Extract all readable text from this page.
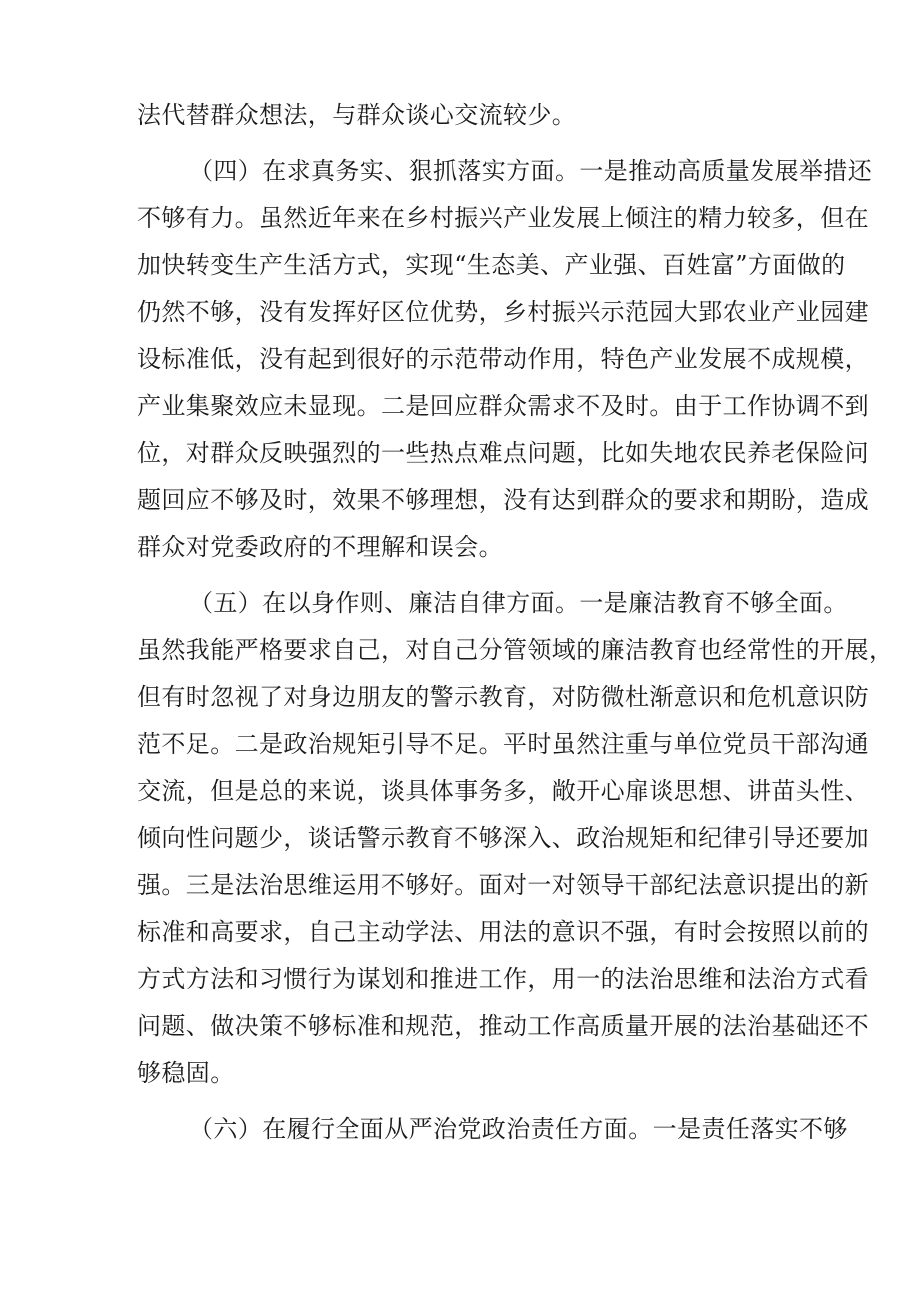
法代替群众想法，与群众谈心交流较少。
（四）在求真务实、狠抓落实方面。一是推动高质量发展举措还
不够有力。虽然近年来在乡村振兴产业发展上倾注的精力较多，但在
加快转变生产生活方式，实现“生态美、产业强、百姓富”方面做的
仍然不够，没有发挥好区位优势，乡村振兴示范园大郢农业产业园建
设标准低，没有起到很好的示范带动作用，特色产业发展不成规模，
产业集聚效应未显现。二是回应群众需求不及时。由于工作协调不到
位，对群众反映强烈的一些热点难点问题，比如失地农民养老保险问
题回应不够及时，效果不够理想，没有达到群众的要求和期盼，造成
群众对党委政府的不理解和误会。
（五）在以身作则、廉洁自律方面。一是廉洁教育不够全面。
虽然我能严格要求自己，对自己分管领域的廉洁教育也经常性的开展，
但有时忽视了对身边朋友的警示教育，对防微杜渐意识和危机意识防
范不足。二是政治规矩引导不足。平时虽然注重与单位党员干部沟通
交流，但是总的来说，谈具体事务多，敞开心扉谈思想、讲苗头性、
倾向性问题少，谈话警示教育不够深入、政治规矩和纪律引导还要加
强。三是法治思维运用不够好。面对一对领导干部纪法意识提出的新
标准和高要求，自己主动学法、用法的意识不强，有时会按照以前的
方式方法和习惯行为谋划和推进工作，用一的法治思维和法治方式看
问题、做决策不够标准和规范，推动工作高质量开展的法治基础还不
够稳固。
（六）在履行全面从严治党政治责任方面。一是责任落实不够
